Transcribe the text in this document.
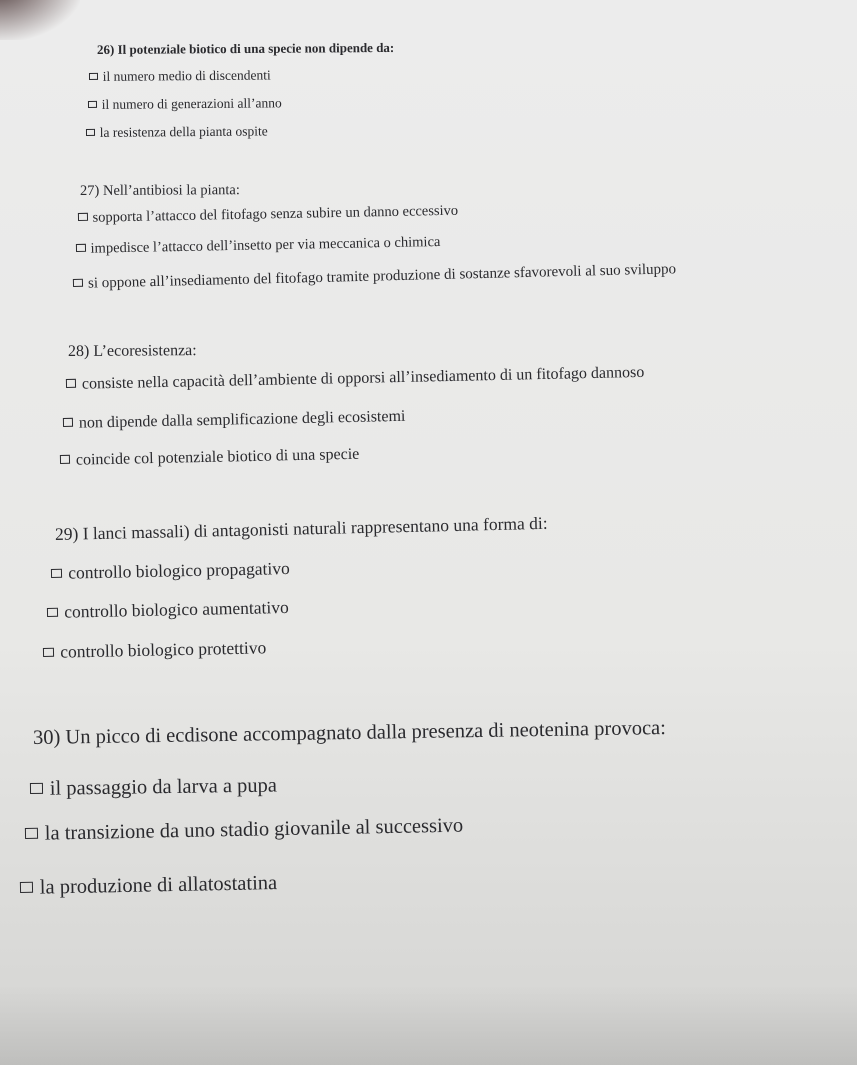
26) Il potenziale biotico di una specie non dipende da:
il numero medio di discendenti
il numero di generazioni all’anno
la resistenza della pianta ospite
27) Nell’antibiosi la pianta:
sopporta l’attacco del fitofago senza subire un danno eccessivo
impedisce l’attacco dell’insetto per via meccanica o chimica
si oppone all’insediamento del fitofago tramite produzione di sostanze sfavorevoli al suo sviluppo
28) L’ecoresistenza:
consiste nella capacità dell’ambiente di opporsi all’insediamento di un fitofago dannoso
non dipende dalla semplificazione degli ecosistemi
coincide col potenziale biotico di una specie
29) I lanci massali) di antagonisti naturali rappresentano una forma di:
controllo biologico propagativo
controllo biologico aumentativo
controllo biologico protettivo
30) Un picco di ecdisone accompagnato dalla presenza di neotenina provoca:
il passaggio da larva a pupa
la transizione da uno stadio giovanile al successivo
la produzione di allatostatina
